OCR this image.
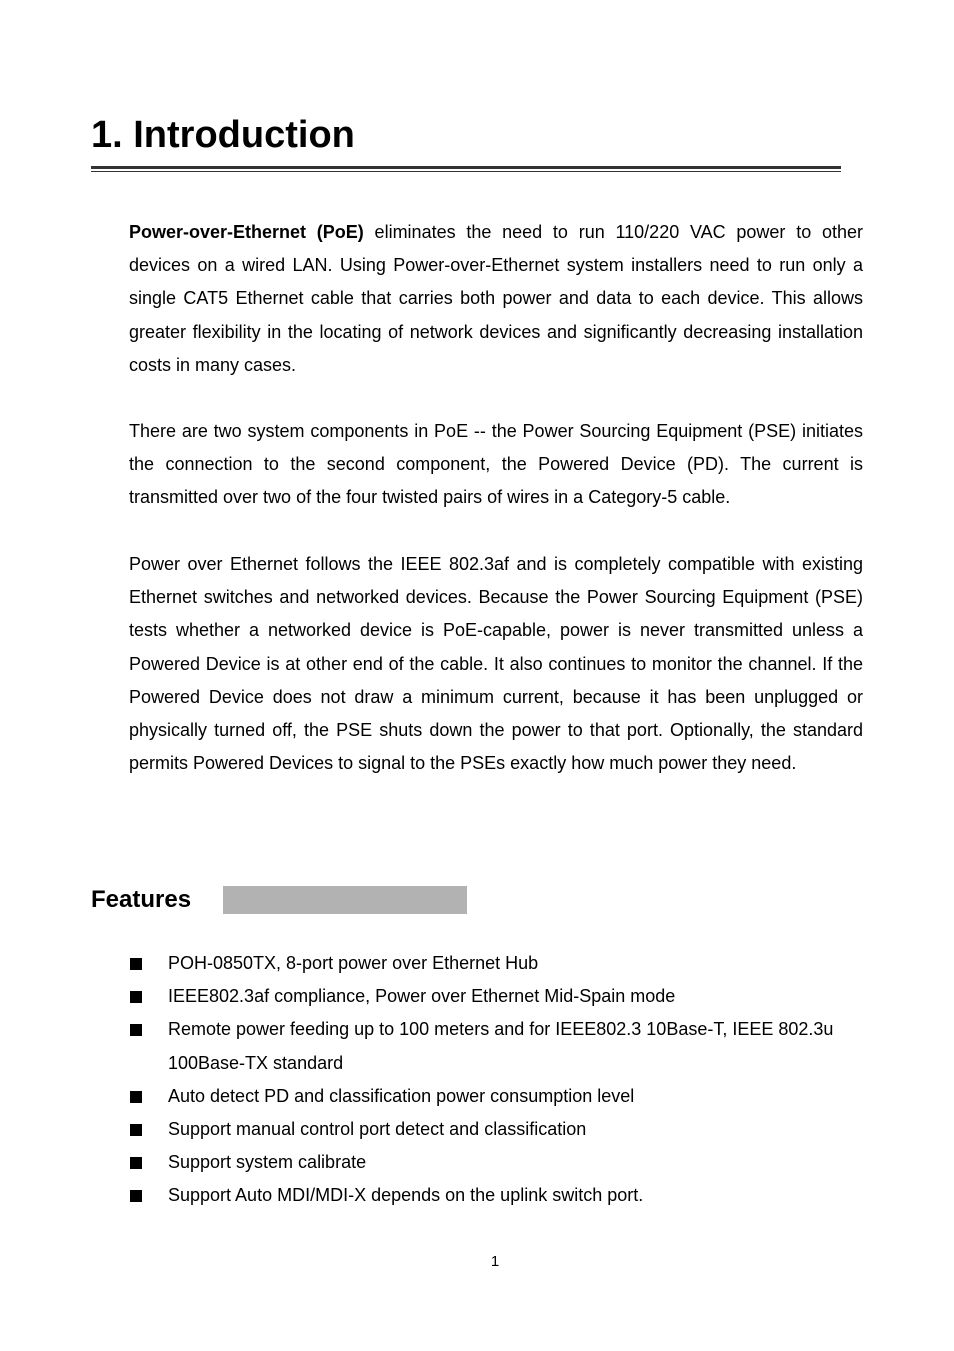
1. Introduction

Power-over-Ethernet (PoE) eliminates the need to run 110/220 VAC power to other devices on a wired LAN. Using Power-over-Ethernet system installers need to run only a single CAT5 Ethernet cable that carries both power and data to each device. This allows greater flexibility in the locating of network devices and significantly decreasing installation costs in many cases.

There are two system components in PoE -- the Power Sourcing Equipment (PSE) initiates the connection to the second component, the Powered Device (PD). The current is transmitted over two of the four twisted pairs of wires in a Category-5 cable.

Power over Ethernet follows the IEEE 802.3af and is completely compatible with existing Ethernet switches and networked devices. Because the Power Sourcing Equipment (PSE) tests whether a networked device is PoE-capable, power is never transmitted unless a Powered Device is at other end of the cable. It also continues to monitor the channel. If the Powered Device does not draw a minimum current, because it has been unplugged or physically turned off, the PSE shuts down the power to that port. Optionally, the standard permits Powered Devices to signal to the PSEs exactly how much power they need.

Features
POH-0850TX, 8-port power over Ethernet Hub
IEEE802.3af compliance, Power over Ethernet Mid-Spain mode
Remote power feeding up to 100 meters and for IEEE802.3 10Base-T, IEEE 802.3u 100Base-TX standard
Auto detect PD and classification power consumption level
Support manual control port detect and classification
Support system calibrate
Support Auto MDI/MDI-X depends on the uplink switch port.
1
